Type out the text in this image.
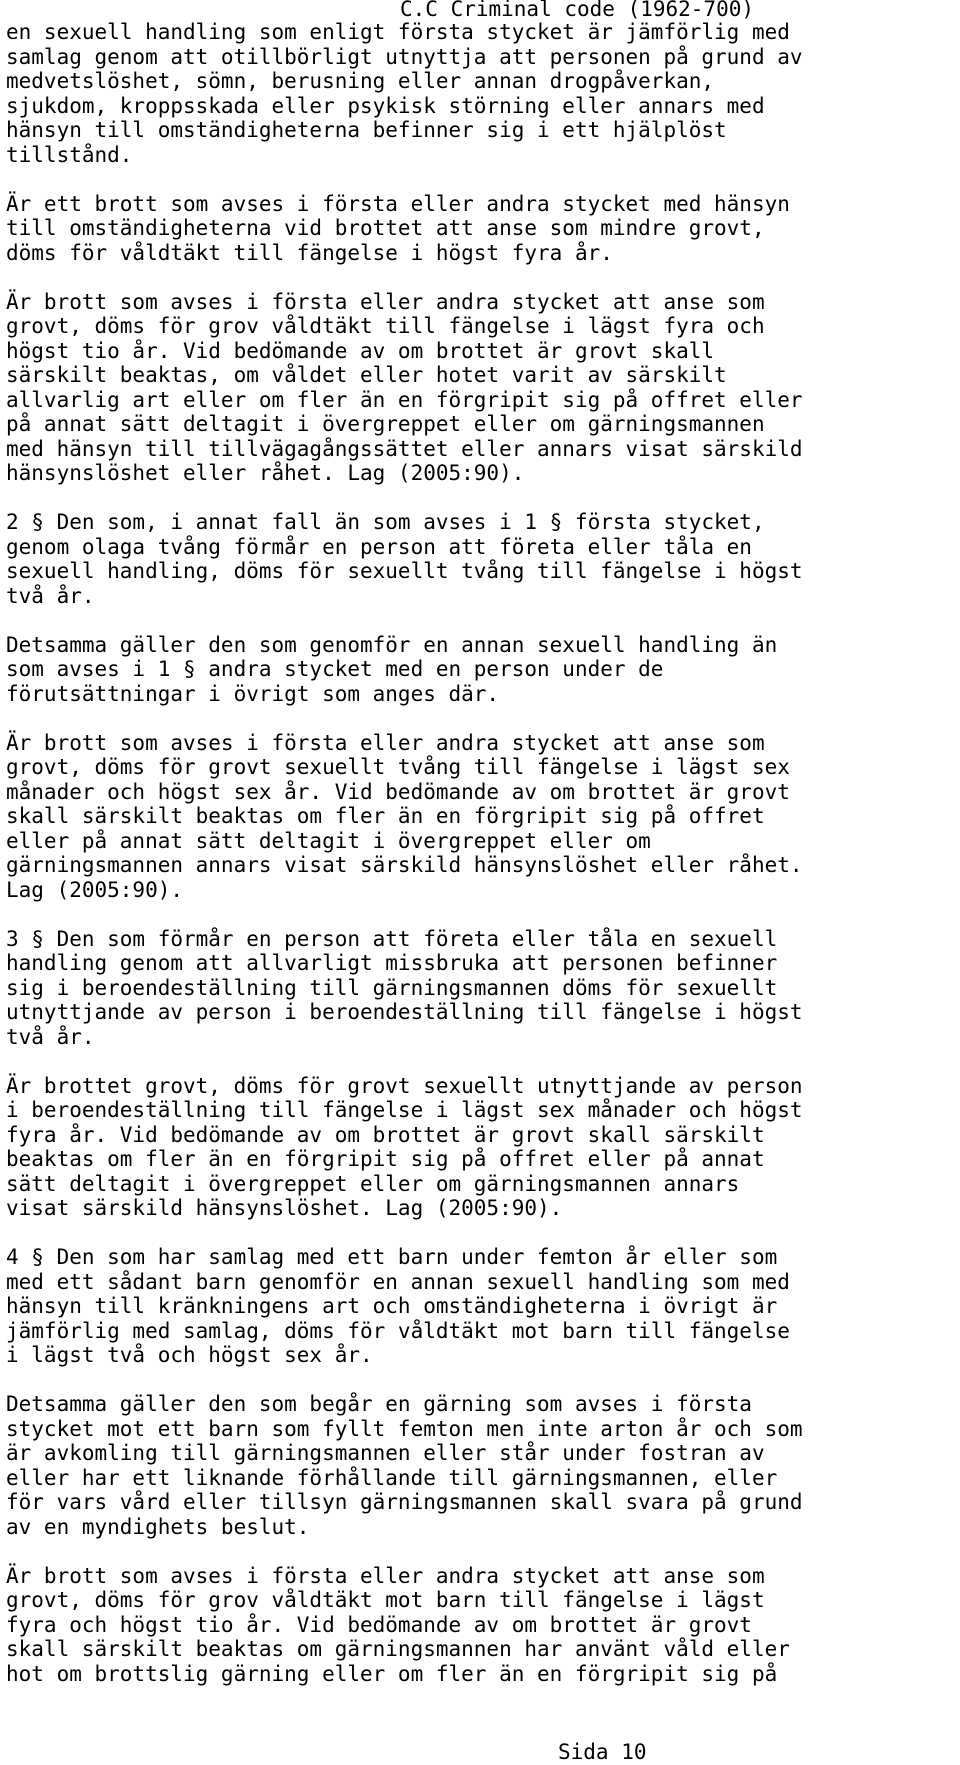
C.C Criminal code (1962-700)
en sexuell handling som enligt första stycket är jämförlig med
samlag genom att otillbörligt utnyttja att personen på grund av
medvetslöshet, sömn, berusning eller annan drogpåverkan,
sjukdom, kroppsskada eller psykisk störning eller annars med
hänsyn till omständigheterna befinner sig i ett hjälplöst
tillstånd.
Är ett brott som avses i första eller andra stycket med hänsyn
till omständigheterna vid brottet att anse som mindre grovt,
döms för våldtäkt till fängelse i högst fyra år.
Är brott som avses i första eller andra stycket att anse som
grovt, döms för grov våldtäkt till fängelse i lägst fyra och
högst tio år. Vid bedömande av om brottet är grovt skall
särskilt beaktas, om våldet eller hotet varit av särskilt
allvarlig art eller om fler än en förgripit sig på offret eller
på annat sätt deltagit i övergreppet eller om gärningsmannen
med hänsyn till tillvägagångssättet eller annars visat särskild
hänsynslöshet eller råhet. Lag (2005:90).
2 § Den som, i annat fall än som avses i 1 § första stycket,
genom olaga tvång förmår en person att företa eller tåla en
sexuell handling, döms för sexuellt tvång till fängelse i högst
två år.
Detsamma gäller den som genomför en annan sexuell handling än
som avses i 1 § andra stycket med en person under de
förutsättningar i övrigt som anges där.
Är brott som avses i första eller andra stycket att anse som
grovt, döms för grovt sexuellt tvång till fängelse i lägst sex
månader och högst sex år. Vid bedömande av om brottet är grovt
skall särskilt beaktas om fler än en förgripit sig på offret
eller på annat sätt deltagit i övergreppet eller om
gärningsmannen annars visat särskild hänsynslöshet eller råhet.
Lag (2005:90).
3 § Den som förmår en person att företa eller tåla en sexuell
handling genom att allvarligt missbruka att personen befinner
sig i beroendeställning till gärningsmannen döms för sexuellt
utnyttjande av person i beroendeställning till fängelse i högst
två år.
Är brottet grovt, döms för grovt sexuellt utnyttjande av person
i beroendeställning till fängelse i lägst sex månader och högst
fyra år. Vid bedömande av om brottet är grovt skall särskilt
beaktas om fler än en förgripit sig på offret eller på annat
sätt deltagit i övergreppet eller om gärningsmannen annars
visat särskild hänsynslöshet. Lag (2005:90).
4 § Den som har samlag med ett barn under femton år eller som
med ett sådant barn genomför en annan sexuell handling som med
hänsyn till kränkningens art och omständigheterna i övrigt är
jämförlig med samlag, döms för våldtäkt mot barn till fängelse
i lägst två och högst sex år.
Detsamma gäller den som begår en gärning som avses i första
stycket mot ett barn som fyllt femton men inte arton år och som
är avkomling till gärningsmannen eller står under fostran av
eller har ett liknande förhållande till gärningsmannen, eller
för vars vård eller tillsyn gärningsmannen skall svara på grund
av en myndighets beslut.
Är brott som avses i första eller andra stycket att anse som
grovt, döms för grov våldtäkt mot barn till fängelse i lägst
fyra och högst tio år. Vid bedömande av om brottet är grovt
skall särskilt beaktas om gärningsmannen har använt våld eller
hot om brottslig gärning eller om fler än en förgripit sig på
Sida 10
